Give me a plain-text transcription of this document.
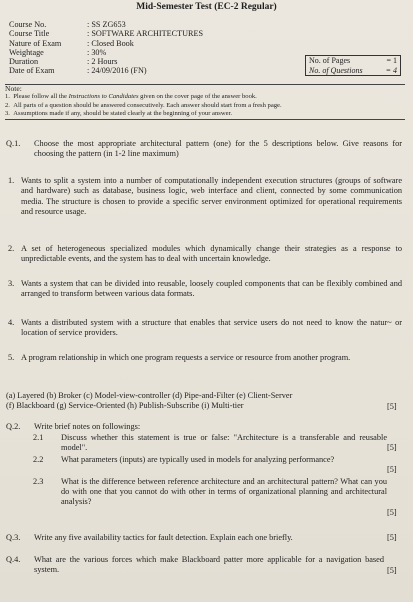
Mid-Semester Test (EC-2 Regular)
Course No.	: SS ZG653
Course Title	: SOFTWARE ARCHITECTURES
Nature of Exam	: Closed Book
Weightage	: 30%
Duration	: 2 Hours
Date of Exam	: 24/09/2016 (FN)
No. of Pages	= 1
No. of Questions	= 4
Note:
1. Please follow all the Instructions to Candidates given on the cover page of the answer book.
2. All parts of a question should be answered consecutively. Each answer should start from a fresh page.
3. Assumptions made if any, should be stated clearly at the beginning of your answer.
Q.1.	Choose the most appropriate architectural pattern (one) for the 5 descriptions below. Give reasons for choosing the pattern (in 1-2 line maximum)
1. Wants to split a system into a number of computationally independent execution structures (groups of software and hardware) such as database, business logic, web interface and client, connected by some communication media. The structure is chosen to provide a specific server environment optimized for operational requirements and resource usage.
2. A set of heterogeneous specialized modules which dynamically change their strategies as a response to unpredictable events, and the system has to deal with uncertain knowledge.
3. Wants a system that can be divided into reusable, loosely coupled components that can be flexibly combined and arranged to transform between various data formats.
4. Wants a distributed system with a structure that enables that service users do not need to know the natur~ or location of service providers.
5. A program relationship in which one program requests a service or resource from another program.
(a) Layered (b) Broker (c) Model-view-controller (d) Pipe-and-Filter (e) Client-Server
(f) Blackboard (g) Service-Oriented (h) Publish-Subscribe (i) Multi-tier	[5]
Q.2.	Write brief notes on followings:
2.1 Discuss whether this statement is true or false: "Architecture is a transferable and reusable model".	[5]
2.2 What parameters (inputs) are typically used in models for analyzing performance?
[5]
2.3 What is the difference between reference architecture and an architectural pattern? What can you do with one that you cannot do with other in terms of organizational planning and architectural analysis?
[5]
Q.3.	Write any five availability tactics for fault detection. Explain each one briefly.	[5]
Q.4.	What are the various forces which make Blackboard patter more applicable for a navigation based system.	[5]
